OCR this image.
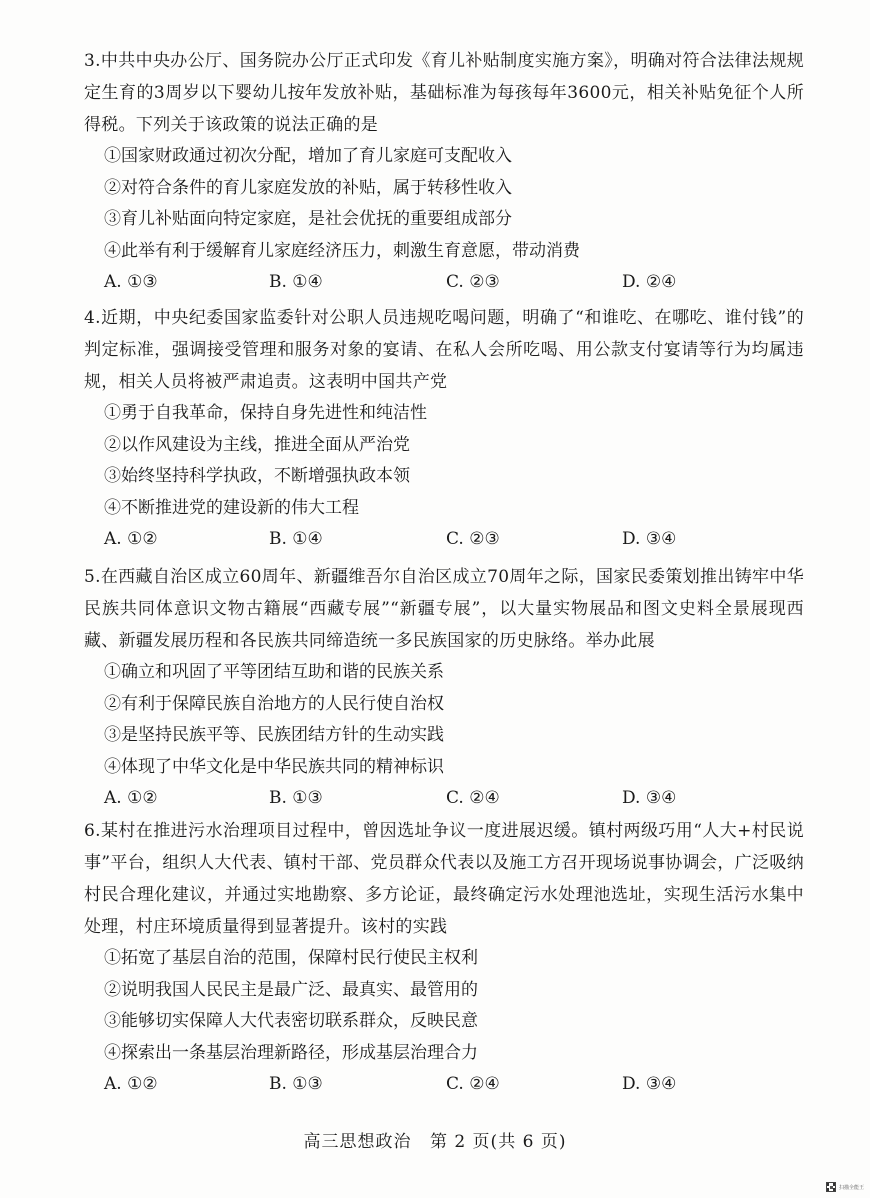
3.中共中央办公厅、国务院办公厅正式印发《育儿补贴制度实施方案》，明确对符合法律法规规定生育的3周岁以下婴幼儿按年发放补贴，基础标准为每孩每年3600元，相关补贴免征个人所得税。下列关于该政策的说法正确的是

①国家财政通过初次分配，增加了育儿家庭可支配收入

②对符合条件的育儿家庭发放的补贴，属于转移性收入

③育儿补贴面向特定家庭，是社会优抚的重要组成部分

④此举有利于缓解育儿家庭经济压力，刺激生育意愿，带动消费

A. ①③	B. ①④	C. ②③	D. ②④

4.近期，中央纪委国家监委针对公职人员违规吃喝问题，明确了“和谁吃、在哪吃、谁付钱”的判定标准，强调接受管理和服务对象的宴请、在私人会所吃喝、用公款支付宴请等行为均属违规，相关人员将被严肃追责。这表明中国共产党

①勇于自我革命，保持自身先进性和纯洁性

②以作风建设为主线，推进全面从严治党

③始终坚持科学执政，不断增强执政本领

④不断推进党的建设新的伟大工程

A. ①②	B. ①④	C. ②③	D. ③④

5.在西藏自治区成立60周年、新疆维吾尔自治区成立70周年之际，国家民委策划推出铸牢中华民族共同体意识文物古籍展“西藏专展”“新疆专展”，以大量实物展品和图文史料全景展现西藏、新疆发展历程和各民族共同缔造统一多民族国家的历史脉络。举办此展

①确立和巩固了平等团结互助和谐的民族关系

②有利于保障民族自治地方的人民行使自治权

③是坚持民族平等、民族团结方针的生动实践

④体现了中华文化是中华民族共同的精神标识

A. ①②	B. ①③	C. ②④	D. ③④

6.某村在推进污水治理项目过程中，曾因选址争议一度进展迟缓。镇村两级巧用“人大+村民说事”平台，组织人大代表、镇村干部、党员群众代表以及施工方召开现场说事协调会，广泛吸纳村民合理化建议，并通过实地勘察、多方论证，最终确定污水处理池选址，实现生活污水集中处理，村庄环境质量得到显著提升。该村的实践

①拓宽了基层自治的范围，保障村民行使民主权利

②说明我国人民民主是最广泛、最真实、最管用的

③能够切实保障人大代表密切联系群众，反映民意

④探索出一条基层治理新路径，形成基层治理合力

A. ①②	B. ①③	C. ②④	D. ③④
高三思想政治 第 2 页(共 6 页)
扫描全能王
